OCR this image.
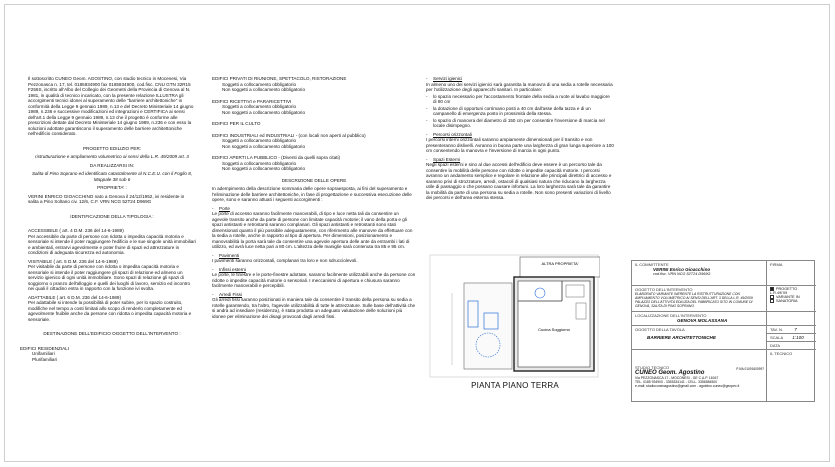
Il sottoscritto CUNEO Geom. AGOSTINO, con studio tecnico in Mocenesi, Via Pezzonasca n. 17, tel. 0185934900 fax 0185934900, cod.fisc. CNU GTN 32R15 F256S, iscritto all'Albo del Collegio dei Geometri della Provincia di Genova al N. 1981, in qualità di tecnico incaricato, con la presente relazione ILLUSTRA gli accorgimenti tecnici idonei al superamento delle "barriere architettoniche" in conformità della Legge 9 gennaio 1989, n.13 e del Decreto Ministeriale 14 giugno 1989, n.236 e successive modificazioni ed integrazioni e CERTIFICA ai sensi dell'art.1 della Legge 9 gennaio 1989, n.13 che il progetto è conforme alle prescrizioni dettate dal Decreto Ministeriale 14 giugno 1989, n.236 e con esso la soluzioni adottate garantiscono il superamento delle barriere architettoniche nell'edificio considerato.

PROGETTO EDILIZIO PER:

ristrutturazione e ampliamento volumetrico ai sensi della L.R. 49/2009 art. 3

DA REALIZZARSI IN:

Salita di Pino Soprano ed identificato catastalmente al N.C.E.U. con il Foglio 8, Mappale 38 sub 6

PROPRIETA' :

VERINI ENRICO GIOACCHINO nato a Genova il 24/12/1952, ivi residente in salita a Pino Soltano civ. 12/6, C.F. VRN NCG 52T24 D969G

IDENTIFICAZIONE DELLA TIPOLOGIA :

ACCESSIBILE ( art. 4 D.M. 236 del 14-6-1989)

Per accessibile da parte di persone con ridotta o impedita capacità motoria e sensoriale si intende il poter raggiungere l'edificio e le sue singole unità immobiliari e ambientali, entrarvi agevolmente e poter fruire di spazi ed attrezzature in condizioni di adeguata sicurezza ed autonomia.

VISITABILE ( art. 5 D.M. 236 del 14-6-1989)

Per visitabile da parte di persone con ridotta o impedita capacità motoria e sensoriale si intende il poter raggiungere gli spazi di relazione ed almeno un servizio igienico di ogni unità immobiliare. Sono spazi di relazione gli spazi di soggiorno o pranzo dell'alloggio e quelli dei luoghi di lavoro, servizio ed incontro nei quali il cittadino entra in rapporto con la funzione ivi svolta.

ADATTABILE ( art. 6 D.M. 236 del 14-6-1989)

Per adattabile si intende la possibilità di poter subire, per lo spazio costruito, modifiche nel tempo a costi limitati allo scopo di renderlo completamente ed agevolmente fruibile anche da persone con ridotta o impedita capacità motoria e sensoriale.

DESTINAZIONE DELL'EDIFICIO OGGETTO DELL'INTERVENTO :

EDIFICI RESIDENZIALI

Unifamiliari

Plurifamiliari

EDIFICI PRIVATI DI RIUNIONE, SPETTACOLO, RISTORAZIONE

Soggetti a collocamento obbligatorio

Non soggetti a collocamento obbligatorio

EDIFICI RICETTIVI e PARARICETTIVI

Soggetti a collocamento obbligatorio

Non soggetti a collocamento obbligatorio

EDIFICI PER IL CULTO

EDIFICI INDUSTRIALI ed INDUSTRIALI - (con locali non aperti al pubblico)

Soggetti a collocamento obbligatorio

Non soggetti a collocamento obbligatorio

EDIFICI APERTI LA PUBBLICO - (Diventi da quelli sopra citati)

Soggetti a collocamento obbligatorio

Non soggetti a collocamento obbligatorio

DESCRIZIONE DELLE OPERE

In adempimento della descrizione sommaria delle opere sopraesposta, ai fini del superamento e l'eliminazione delle barriere architettoniche, in fase di progettazione e successiva esecuzione delle opere, sono e saranno attuati i seguenti accorgimenti :

- Porte

Le porte di accesso saranno facilmente manovrabili, di tipo e luce netta tali da consentire un agevole transito anche da parte di persone con limitate capacità motorie; il vano della porta e gli spazi antistanti e retrostanti saranno complanari. Gli spazi antistanti e retrostanti sono stati dimensionati quanto il più possibile adeguatamente, con riferimento alle manovre da effettuare con la sedia a rotelle, anche in rapporto al tipo di apertura. Per dimensioni, posizionamento e manovrabilità la porta sarà tale da consentire una agevole apertura delle ante da entrambi i lati di utilizzo, ed avrà luce netta pari a 80 cm. L'altezza delle maniglie sarà contenuta tra 85 e 95 cm.

- Pavimenti

I pavimenti saranno orizzontali, complanari tra loro e non sdrucciolevoli.

- Infissi esterni

Le porte, le finestre e le porte-finestre adottate, saranno facilmente utilizzabili anche da persone con ridotte o impedite capacità motorie o sensoriali. I meccanismi di apertura e chiusura saranno facilmente manovrabili e percepibili.

- Arredi Fissi

Gli arredi fissi saranno posizionati in maniera tale da consentire il transito della persona su sedia a rotelle garantendo, tra l'altro, l'agevole utilizzabilità di tutte le attrezzature. Sulle base dell'attività che si andrà ad insediare (residenza), è stata prodotta un adeguato valutazione delle soluzioni più idonee per eliminazione dei disagi provocati dagli arredi fissi.

- Servizi igienici

In almeno uno dei servizi igienici sarà garantita la manovra di una sedia a rotelle necessaria per l'utilizzazione degli apparecchi sanitari. In particolare:

- lo spazio necessario per l'accostamento frontale della sedia a ruote al lavabo maggiore di 80 cm

- la dotazione di opportuni corrimano posti a 40 cm dall'asse della tazza e di un campanello di emergenza posto in prossimità della stessa.

- lo spazio di manovra del diametro di 150 cm per consentire l'inversione di marcia nel locale disimpegno.

- Percorsi orizzontali

I percorsi interni orizzontali saranno ampiamente dimensionati per il transito e non presenteranno dislivelli. Avranno in buona parte una larghezza di gran lunga superiore a 100 cm consentendo la manovra e l'inversione di marcia in ogni punto.

- Spazi Esterni

Negli spazi esterni e sino al due accessi dell'edificio deve essere è un percorso tale da consentire la mobilità delle persone con ridotte o impedite capacità motorie. I percorsi avranno un andamento semplice e regolare in relazione alle principali direttrici di accesso e saranno privi di strozzature, arredi, ostacoli di qualsiasi natura che riducano la larghezza utile di passaggio o che possano causare infortuni. La loro larghezza sarà tale da garantire la mobilità da parte di una persona su sedia a rotelle. Non sono presenti variazioni di livello dei percorsi e dell'area esterna stessa.

ALTRA PROPRIETA'
Cucina Soggiorno
PIANTA PIANO TERRA
IL COMMITTENTE
VERINI Enrico Gioacchino
cod.fisc. VRN NCG 52T24 D969G
FIRMA
OGGETTO DELL'INTERVENTO
ELABORATO VARIANTE INERENTE LA RISTRUTTURAZIONE CON AMPLIAMENTO VOLUMETRICO AI SENSI DELL'ART. 3 DELLA L.R. 49/2009 PALAZZO DELL'ATTIVITÀ EDILIZIA DEL FABBRICATO SITO IN COMUNE DI GENOVA, SALITA DI PINO SOPRANO
PROGETTO L.R.49/'09
VARIANTE IN
SANATORIA
LOCALIZZAZIONE DELL'INTERVENTO
GENOVA MOLASSANA
OGGETTO DELLA TAVOLA
BARRIERE ARCHITETTONICHE
TAV. N. 7
SCALA 1:100
DATA
STUDIO TECNICO
CUNEO Geom. Agostino
P.IVA 01091600997
Via PEZZONASCA 17 - MOCONESI - GE C.A.P. 16047
TEL. 0185 934900 - 3355334141 - CELL. 3356584500
e-mail: studiocuneoagostino@gmail.com - agostino.cuneo@geopec.it
IL TECNICO
